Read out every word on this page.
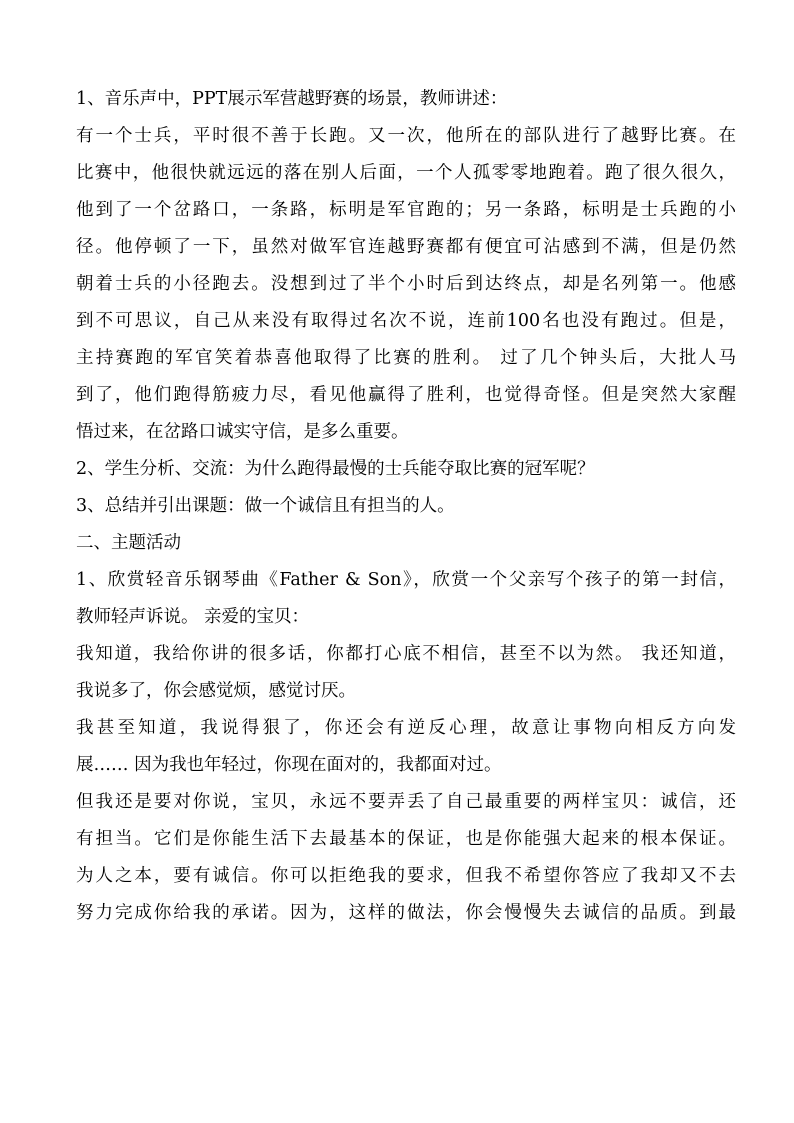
1、音乐声中，PPT展示军营越野赛的场景，教师讲述：
有一个士兵，平时很不善于长跑。又一次，他所在的部队进行了越野比赛。在
比赛中，他很快就远远的落在别人后面，一个人孤零零地跑着。跑了很久很久，
他到了一个岔路口，一条路，标明是军官跑的；另一条路，标明是士兵跑的小
径。他停顿了一下，虽然对做军官连越野赛都有便宜可沾感到不满，但是仍然
朝着士兵的小径跑去。没想到过了半个小时后到达终点，却是名列第一。他感
到不可思议，自己从来没有取得过名次不说，连前100名也没有跑过。但是，
主持赛跑的军官笑着恭喜他取得了比赛的胜利。 过了几个钟头后，大批人马
到了，他们跑得筋疲力尽，看见他赢得了胜利，也觉得奇怪。但是突然大家醒
悟过来，在岔路口诚实守信，是多么重要。
2、学生分析、交流：为什么跑得最慢的士兵能夺取比赛的冠军呢？
3、总结并引出课题：做一个诚信且有担当的人。
二、主题活动
1、欣赏轻音乐钢琴曲《Father & Son》，欣赏一个父亲写个孩子的第一封信，
教师轻声诉说。 亲爱的宝贝：
我知道，我给你讲的很多话，你都打心底不相信，甚至不以为然。 我还知道，
我说多了，你会感觉烦，感觉讨厌。
我甚至知道，我说得狠了，你还会有逆反心理，故意让事物向相反方向发
展…… 因为我也年轻过，你现在面对的，我都面对过。
但我还是要对你说，宝贝，永远不要弄丢了自己最重要的两样宝贝：诚信，还
有担当。它们是你能生活下去最基本的保证，也是你能强大起来的根本保证。
为人之本，要有诚信。你可以拒绝我的要求，但我不希望你答应了我却又不去
努力完成你给我的承诺。因为，这样的做法，你会慢慢失去诚信的品质。到最
